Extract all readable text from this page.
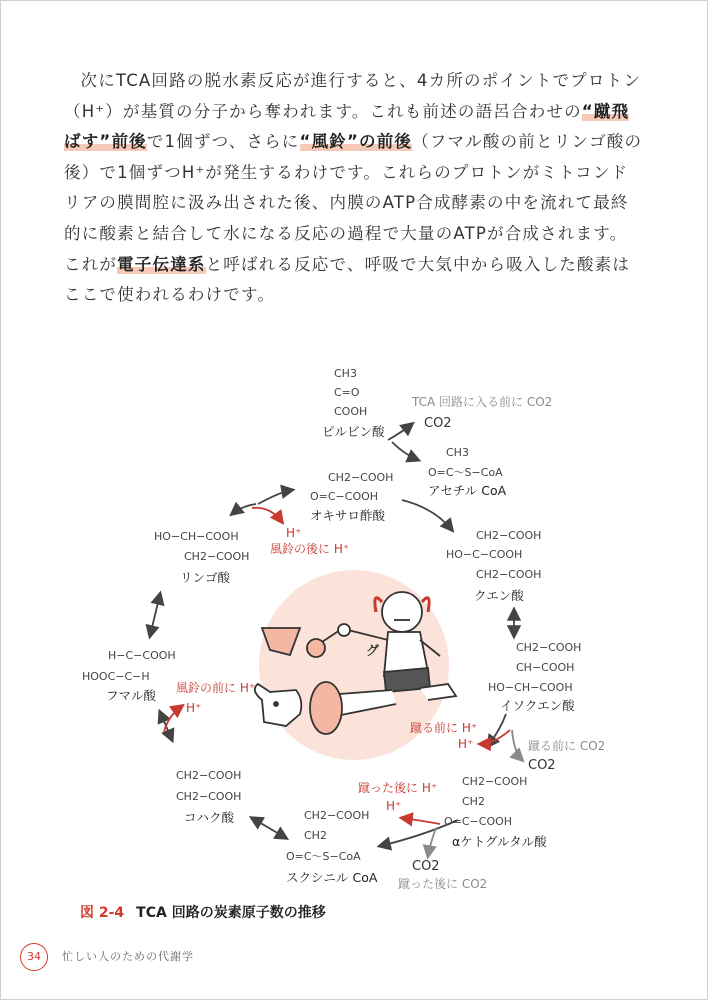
次にTCA回路の脱水素反応が進行すると、4カ所のポイントでプロトン（H⁺）が基質の分子から奪われます。これも前述の語呂合わせの“蹴飛ばす”前後で1個ずつ、さらに“風鈴”の前後（フマル酸の前とリンゴ酸の後）で1個ずつH⁺が発生するわけです。これらのプロトンがミトコンドリアの膜間腔に汲み出された後、内膜のATP合成酵素の中を流れて最終的に酸素と結合して水になる反応の過程で大量のATPが合成されます。これが電子伝達系と呼ばれる反応で、呼吸で大気中から吸入した酸素はここで使われるわけです。

グ
CH3
C=O
COOH
ピルビン酸
TCA 回路に入る前に CO2
CO2
CH3
O=C～S−CoA
アセチル CoA
CH2−COOH
O=C−COOH
オキサロ酢酸
CH2−COOH
HO−C−COOH
CH2−COOH
クエン酸
CH2−COOH
CH−COOH
HO−CH−COOH
イソクエン酸
CH2−COOH
CH2
O=C−COOH
αケトグルタル酸
CH2−COOH
CH2
O=C～S−CoA
スクシニル CoA
CH2−COOH
CH2−COOH
コハク酸
H−C−COOH
HOOC−C−H
フマル酸
HO−CH−COOH
CH2−COOH
リンゴ酸
H⁺
風鈴の後に H⁺
風鈴の前に H⁺
H⁺
蹴る前に H⁺
H⁺	蹴る前に CO2
CO2
蹴った後に H⁺
H⁺
CO2
蹴った後に CO2
図 2-4 TCA 回路の炭素原子数の推移
34	忙しい人のための代謝学
